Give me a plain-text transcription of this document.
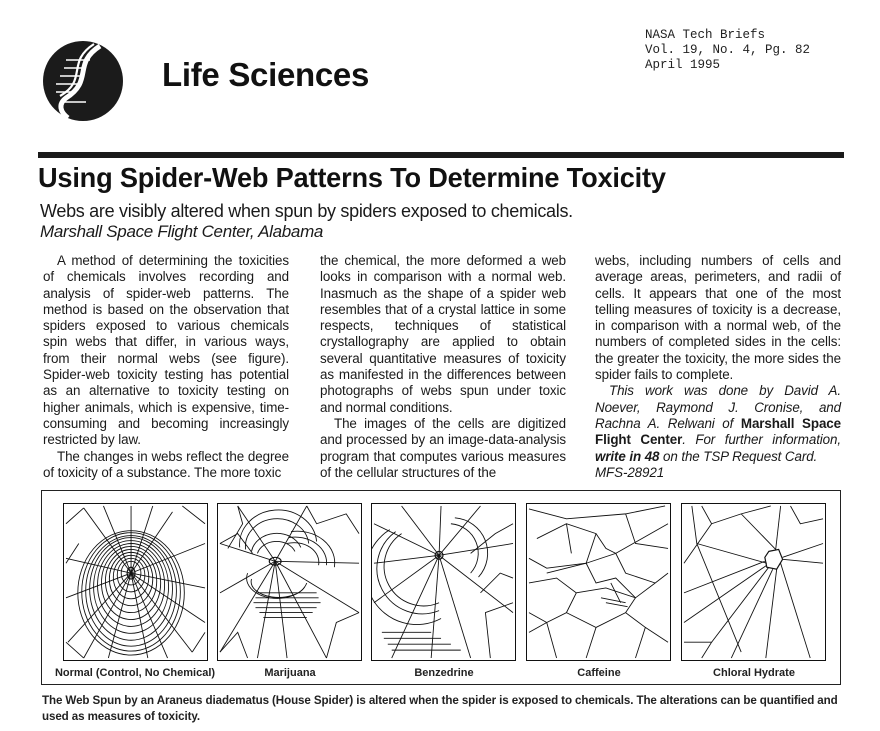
Life Sciences
NASA Tech Briefs
Vol. 19, No. 4, Pg. 82
April 1995
Using Spider-Web Patterns To Determine Toxicity
Webs are visibly altered when spun by spiders exposed to chemicals.
Marshall Space Flight Center, Alabama

A method of determining the toxicities of chemicals involves recording and analysis of spider-web patterns. The method is based on the observation that spiders exposed to various chemicals spin webs that differ, in various ways, from their normal webs (see figure). Spider-web toxicity testing has potential as an alternative to toxicity testing on higher animals, which is expensive, time-consuming and becoming increasingly restricted by law.

The changes in webs reflect the degree of toxicity of a substance. The more toxic

the chemical, the more deformed a web looks in comparison with a normal web. Inasmuch as the shape of a spider web resembles that of a crystal lattice in some respects, techniques of statistical crystallography are applied to obtain several quantitative measures of toxicity as manifested in the differences between photographs of webs spun under toxic and normal conditions.

The images of the cells are digitized and processed by an image-data-analysis program that computes various measures of the cellular structures of the

webs, including numbers of cells and average areas, perimeters, and radii of cells. It appears that one of the most telling measures of toxicity is a decrease, in comparison with a normal web, of the numbers of completed sides in the cells: the greater the toxicity, the more sides the spider fails to complete.

This work was done by David A. Noever, Raymond J. Cronise, and Rachna A. Relwani of Marshall Space Flight Center. For further information, write in 48 on the TSP Request Card.

MFS-28921

Normal (Control, No Chemical)	Marijuana	Benzedrine	Caffeine	Chloral Hydrate
The Web Spun by an Araneus diadematus (House Spider) is altered when the spider is exposed to chemicals. The alterations can be quantified and used as measures of toxicity.
